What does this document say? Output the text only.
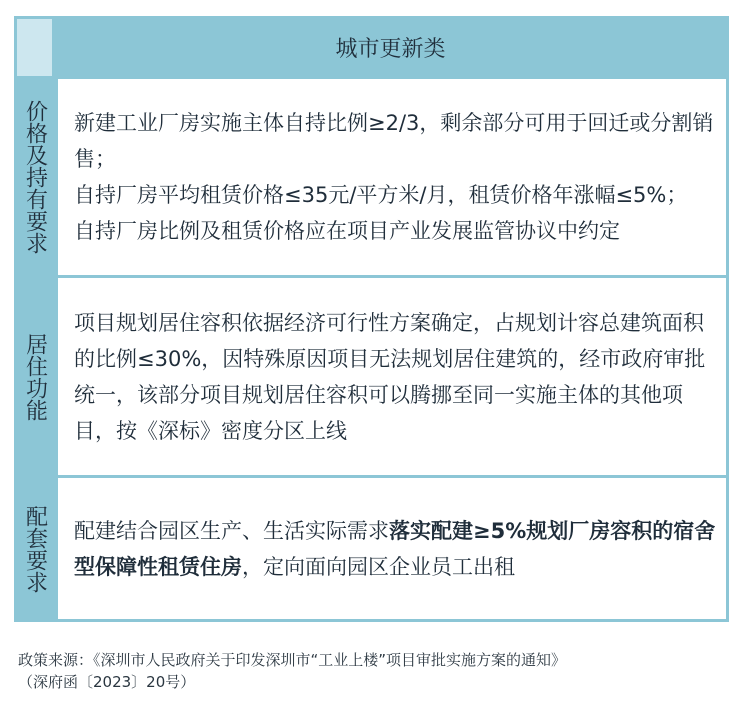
城市更新类
价格及持有要求 新建工业厂房实施主体自持比例≥2/3，剩余部分可用于回迁或分割销售；

自持厂房平均租赁价格≤35元/平方米/月，租赁价格年涨幅≤5%；

自持厂房比例及租赁价格应在项目产业发展监管协议中约定

居住功能

项目规划居住容积依据经济可行性方案确定，占规划计容总建筑面积的比例≤30%，因特殊原因项目无法规划居住建筑的，经市政府审批统一，该部分项目规划居住容积可以腾挪至同一实施主体的其他项目，按《深标》密度分区上线

配套要求 配建结合园区生产、生活实际需求落实配建≥5%规划厂房容积的宿舍型保障性租赁住房，定向面向园区企业员工出租

政策来源：《深圳市人民政府关于印发深圳市“工业上楼”项目审批实施方案的通知》
（深府函〔2023〕20号）
